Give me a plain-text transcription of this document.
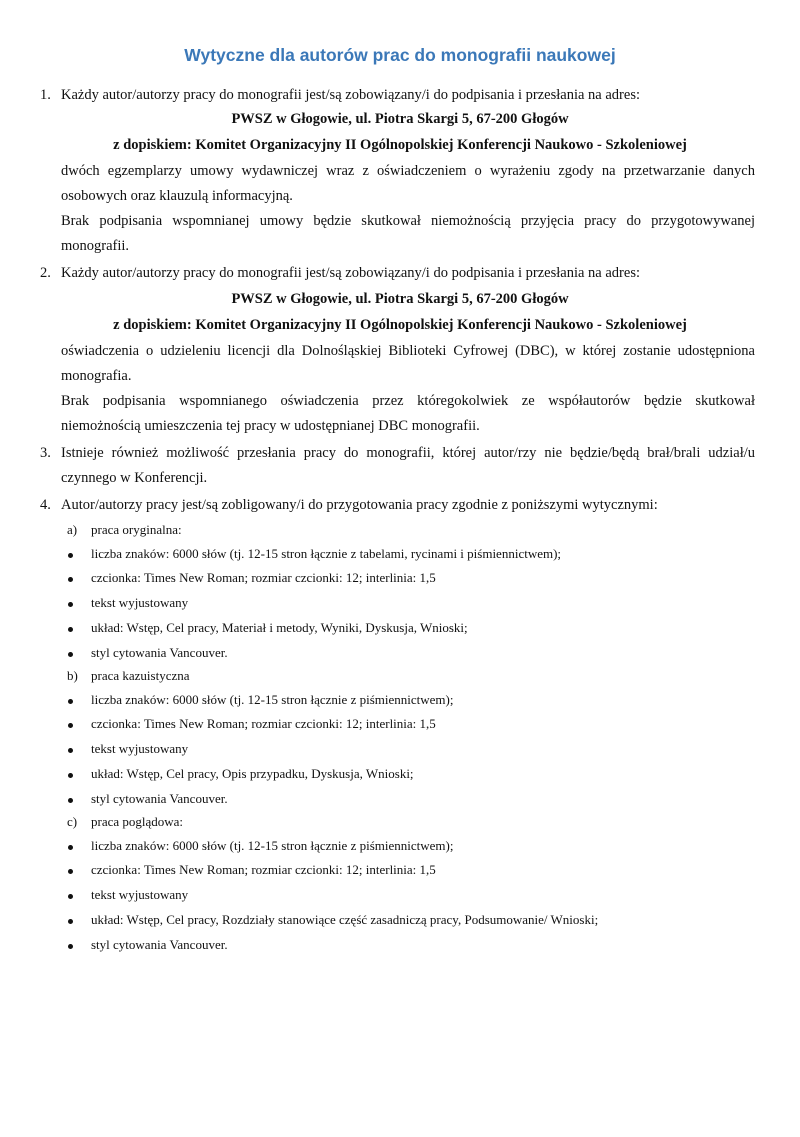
Wytyczne dla autorów prac do monografii naukowej
1. Każdy autor/autorzy pracy do monografii jest/są zobowiązany/i do podpisania i przesłania na adres:
PWSZ w Głogowie, ul. Piotra Skargi 5, 67-200 Głogów
z dopiskiem: Komitet Organizacyjny II Ogólnopolskiej Konferencji Naukowo - Szkoleniowej
dwóch egzemplarzy umowy wydawniczej wraz z oświadczeniem o wyrażeniu zgody na przetwarzanie danych
osobowych oraz klauzulą informacyjną.
Brak podpisania wspomnianej umowy będzie skutkował niemożnością przyjęcia pracy do przygotowywanej
monografii.
2. Każdy autor/autorzy pracy do monografii jest/są zobowiązany/i do podpisania i przesłania na adres:
PWSZ w Głogowie, ul. Piotra Skargi 5, 67-200 Głogów
z dopiskiem: Komitet Organizacyjny II Ogólnopolskiej Konferencji Naukowo - Szkoleniowej
oświadczenia o udzieleniu licencji dla Dolnośląskiej Biblioteki Cyfrowej (DBC), w której zostanie udostępniona
monografia.
Brak podpisania wspomnianego oświadczenia przez któregokolwiek ze współautorów będzie skutkował
niemożnością umieszczenia tej pracy w udostępnianej DBC monografii.
3. Istnieje również możliwość przesłania pracy do monografii, której autor/rzy nie będzie/będą brał/brali udział/u
czynnego w Konferencji.
4. Autor/autorzy pracy jest/są zobligowany/i do przygotowania pracy zgodnie z poniższymi wytycznymi:
a) praca oryginalna:
liczba znaków: 6000 słów (tj. 12-15 stron łącznie z tabelami, rycinami i piśmiennictwem);
czcionka: Times New Roman; rozmiar czcionki: 12; interlinia: 1,5
tekst wyjustowany
układ: Wstęp, Cel pracy, Materiał i metody, Wyniki, Dyskusja, Wnioski;
styl cytowania Vancouver.
b) praca kazuistyczna
liczba znaków: 6000 słów (tj. 12-15 stron łącznie z piśmiennictwem);
czcionka: Times New Roman; rozmiar czcionki: 12; interlinia: 1,5
tekst wyjustowany
układ: Wstęp, Cel pracy, Opis przypadku, Dyskusja, Wnioski;
styl cytowania Vancouver.
c) praca poglądowa:
liczba znaków: 6000 słów (tj. 12-15 stron łącznie z piśmiennictwem);
czcionka: Times New Roman; rozmiar czcionki: 12; interlinia: 1,5
tekst wyjustowany
układ: Wstęp, Cel pracy, Rozdziały stanowiące część zasadniczą pracy, Podsumowanie/ Wnioski;
styl cytowania Vancouver.
